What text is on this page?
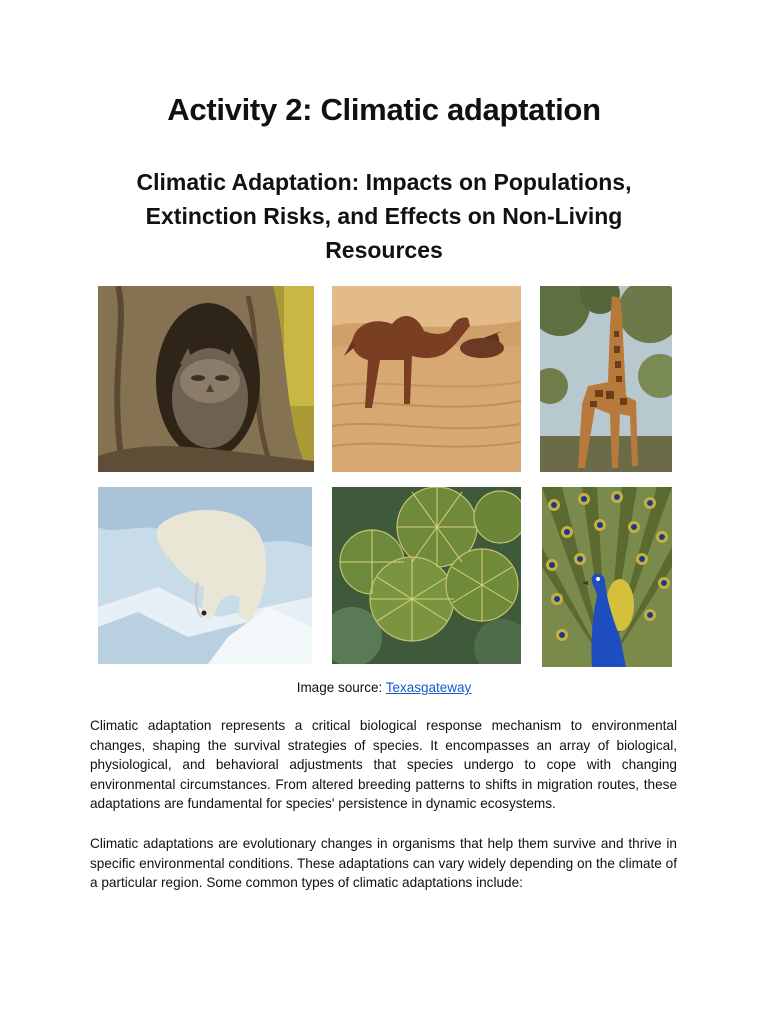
Activity 2: Climatic adaptation
Climatic Adaptation: Impacts on Populations, Extinction Risks, and Effects on Non-Living Resources
Image source: Texasgateway

Climatic adaptation represents a critical biological response mechanism to environmental changes, shaping the survival strategies of species. It encompasses an array of biological, physiological, and behavioral adjustments that species undergo to cope with changing environmental circumstances. From altered breeding patterns to shifts in migration routes, these adaptations are fundamental for species' persistence in dynamic ecosystems.

Climatic adaptations are evolutionary changes in organisms that help them survive and thrive in specific environmental conditions. These adaptations can vary widely depending on the climate of a particular region. Some common types of climatic adaptations include:
